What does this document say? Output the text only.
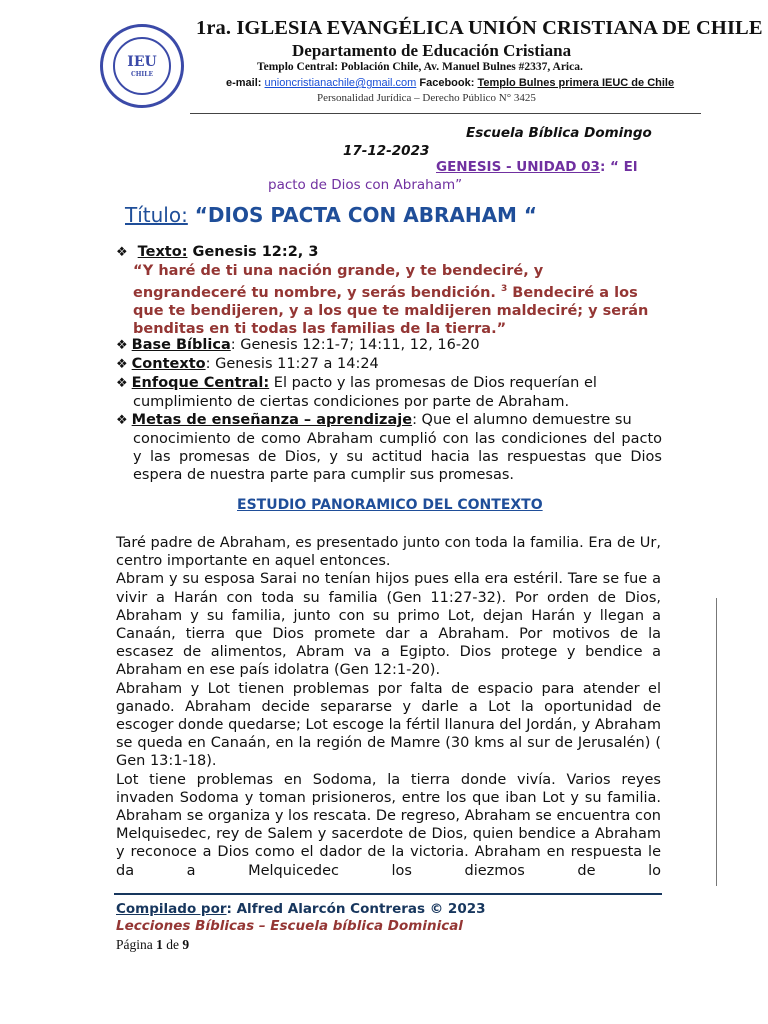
IEU
CHILE
1ra. IGLESIA EVANGÉLICA UNIÓN CRISTIANA DE CHILE
Departamento de Educación Cristiana
Templo Central: Población Chile, Av. Manuel Bulnes #2337, Arica.
e-mail: unioncristianachile@gmail.com Facebook: Templo Bulnes primera IEUC de Chile
Personalidad Jurídica – Derecho Público N° 3425
Escuela Bíblica Domingo
17-12-2023
GENESIS - UNIDAD 03: “ El
pacto de Dios con Abraham”
Título: “DIOS PACTA CON ABRAHAM “
❖ Texto: Genesis 12:2, 3
“Y haré de ti una nación grande, y te bendeciré, y engrandeceré tu nombre, y serás bendición. $^3$ Bendeciré a los que te bendijeren, y a los que te maldijeren maldeciré; y serán benditas en ti todas las familias de la tierra.”

❖ Base Bíblica: Genesis 12:1-7; 14:11, 12, 16-20

❖ Contexto: Genesis 11:27 a 14:24

❖ Enfoque Central: El pacto y las promesas de Dios requerían el

cumplimiento de ciertas condiciones por parte de Abraham.

❖ Metas de enseñanza – aprendizaje: Que el alumno demuestre su

conocimiento de como Abraham cumplió con las condiciones del pacto y las promesas de Dios, y su actitud hacia las respuestas que Dios espera de nuestra parte para cumplir sus promesas.

ESTUDIO PANORAMICO DEL CONTEXTO

Taré padre de Abraham, es presentado junto con toda la familia. Era de Ur, centro importante en aquel entonces.

Abram y su esposa Sarai no tenían hijos pues ella era estéril. Tare se fue a vivir a Harán con toda su familia (Gen 11:27-32). Por orden de Dios, Abraham y su familia, junto con su primo Lot, dejan Harán y llegan a Canaán, tierra que Dios promete dar a Abraham. Por motivos de la escasez de alimentos, Abram va a Egipto. Dios protege y bendice a Abraham en ese país idolatra (Gen 12:1-20).

Abraham y Lot tienen problemas por falta de espacio para atender el ganado. Abraham decide separarse y darle a Lot la oportunidad de escoger donde quedarse; Lot escoge la fértil llanura del Jordán, y Abraham se queda en Canaán, en la región de Mamre (30 kms al sur de Jerusalén) ( Gen 13:1-18).

Lot tiene problemas en Sodoma, la tierra donde vivía. Varios reyes invaden Sodoma y toman prisioneros, entre los que iban Lot y su familia. Abraham se organiza y los rescata. De regreso, Abraham se encuentra con Melquisedec, rey de Salem y sacerdote de Dios, quien bendice a Abraham y reconoce a Dios como el dador de la victoria. Abraham en respuesta le da a Melquicedec los diezmos de lo

Compilado por: Alfred Alarcón Contreras © 2023
Lecciones Bíblicas – Escuela bíblica Dominical
Página 1 de 9
